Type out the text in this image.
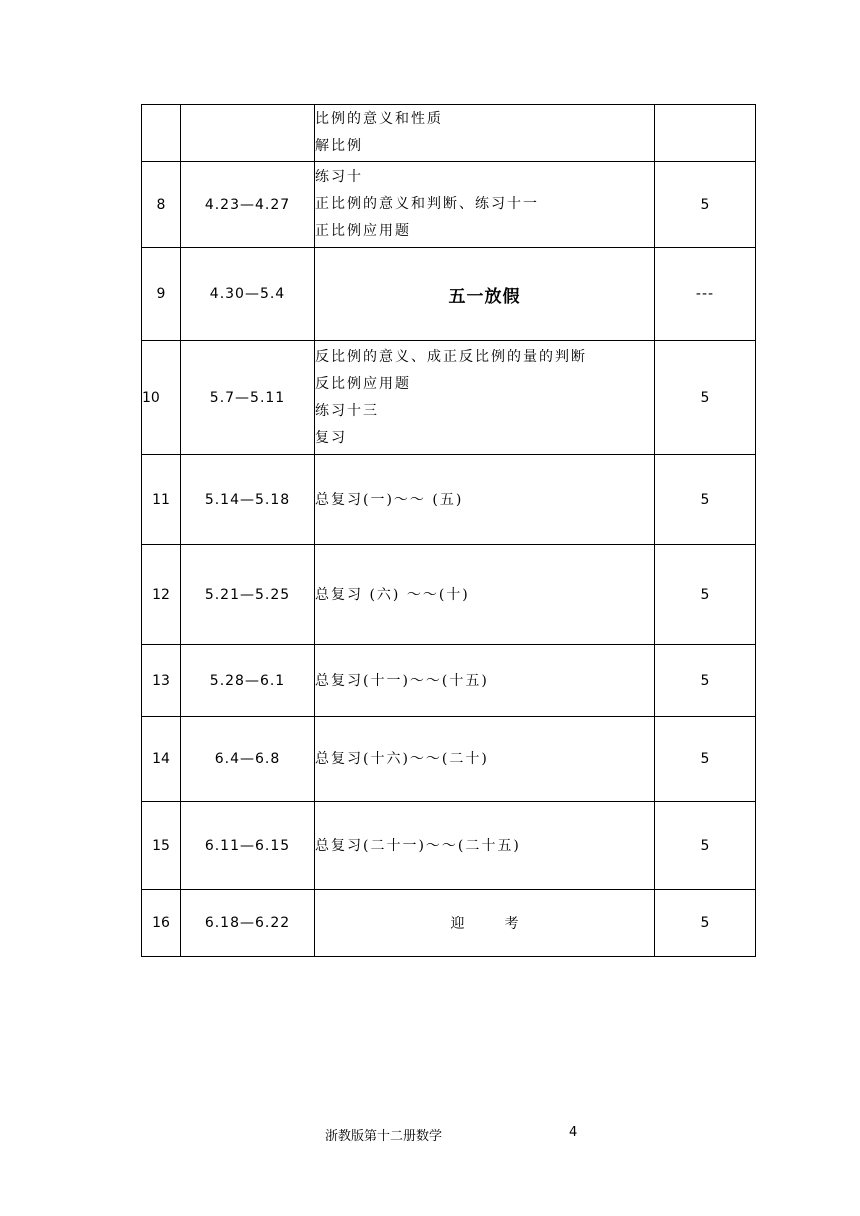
		比例的意义和性质
解比例	

8	4.23—4.27	练习十
正比例的意义和判断、练习十一
正比例应用题	5
9	4.30—5.4	五一放假	---
10	5.7—5.11	反比例的意义、成正反比例的量的判断
反比例应用题
练习十三
复习	5
11	5.14—5.18	总复习(一)～～ (五)	5
12	5.21—5.25	总复习 (六) ～～(十)	5
13	5.28—6.1	总复习(十一)～～(十五)	5
14	6.4—6.8	总复习(十六)～～(二十)	5
15	6.11—6.15	总复习(二十一)～～(二十五)	5
16	6.18—6.22	迎 考	5
浙教版第十二册数学	4
